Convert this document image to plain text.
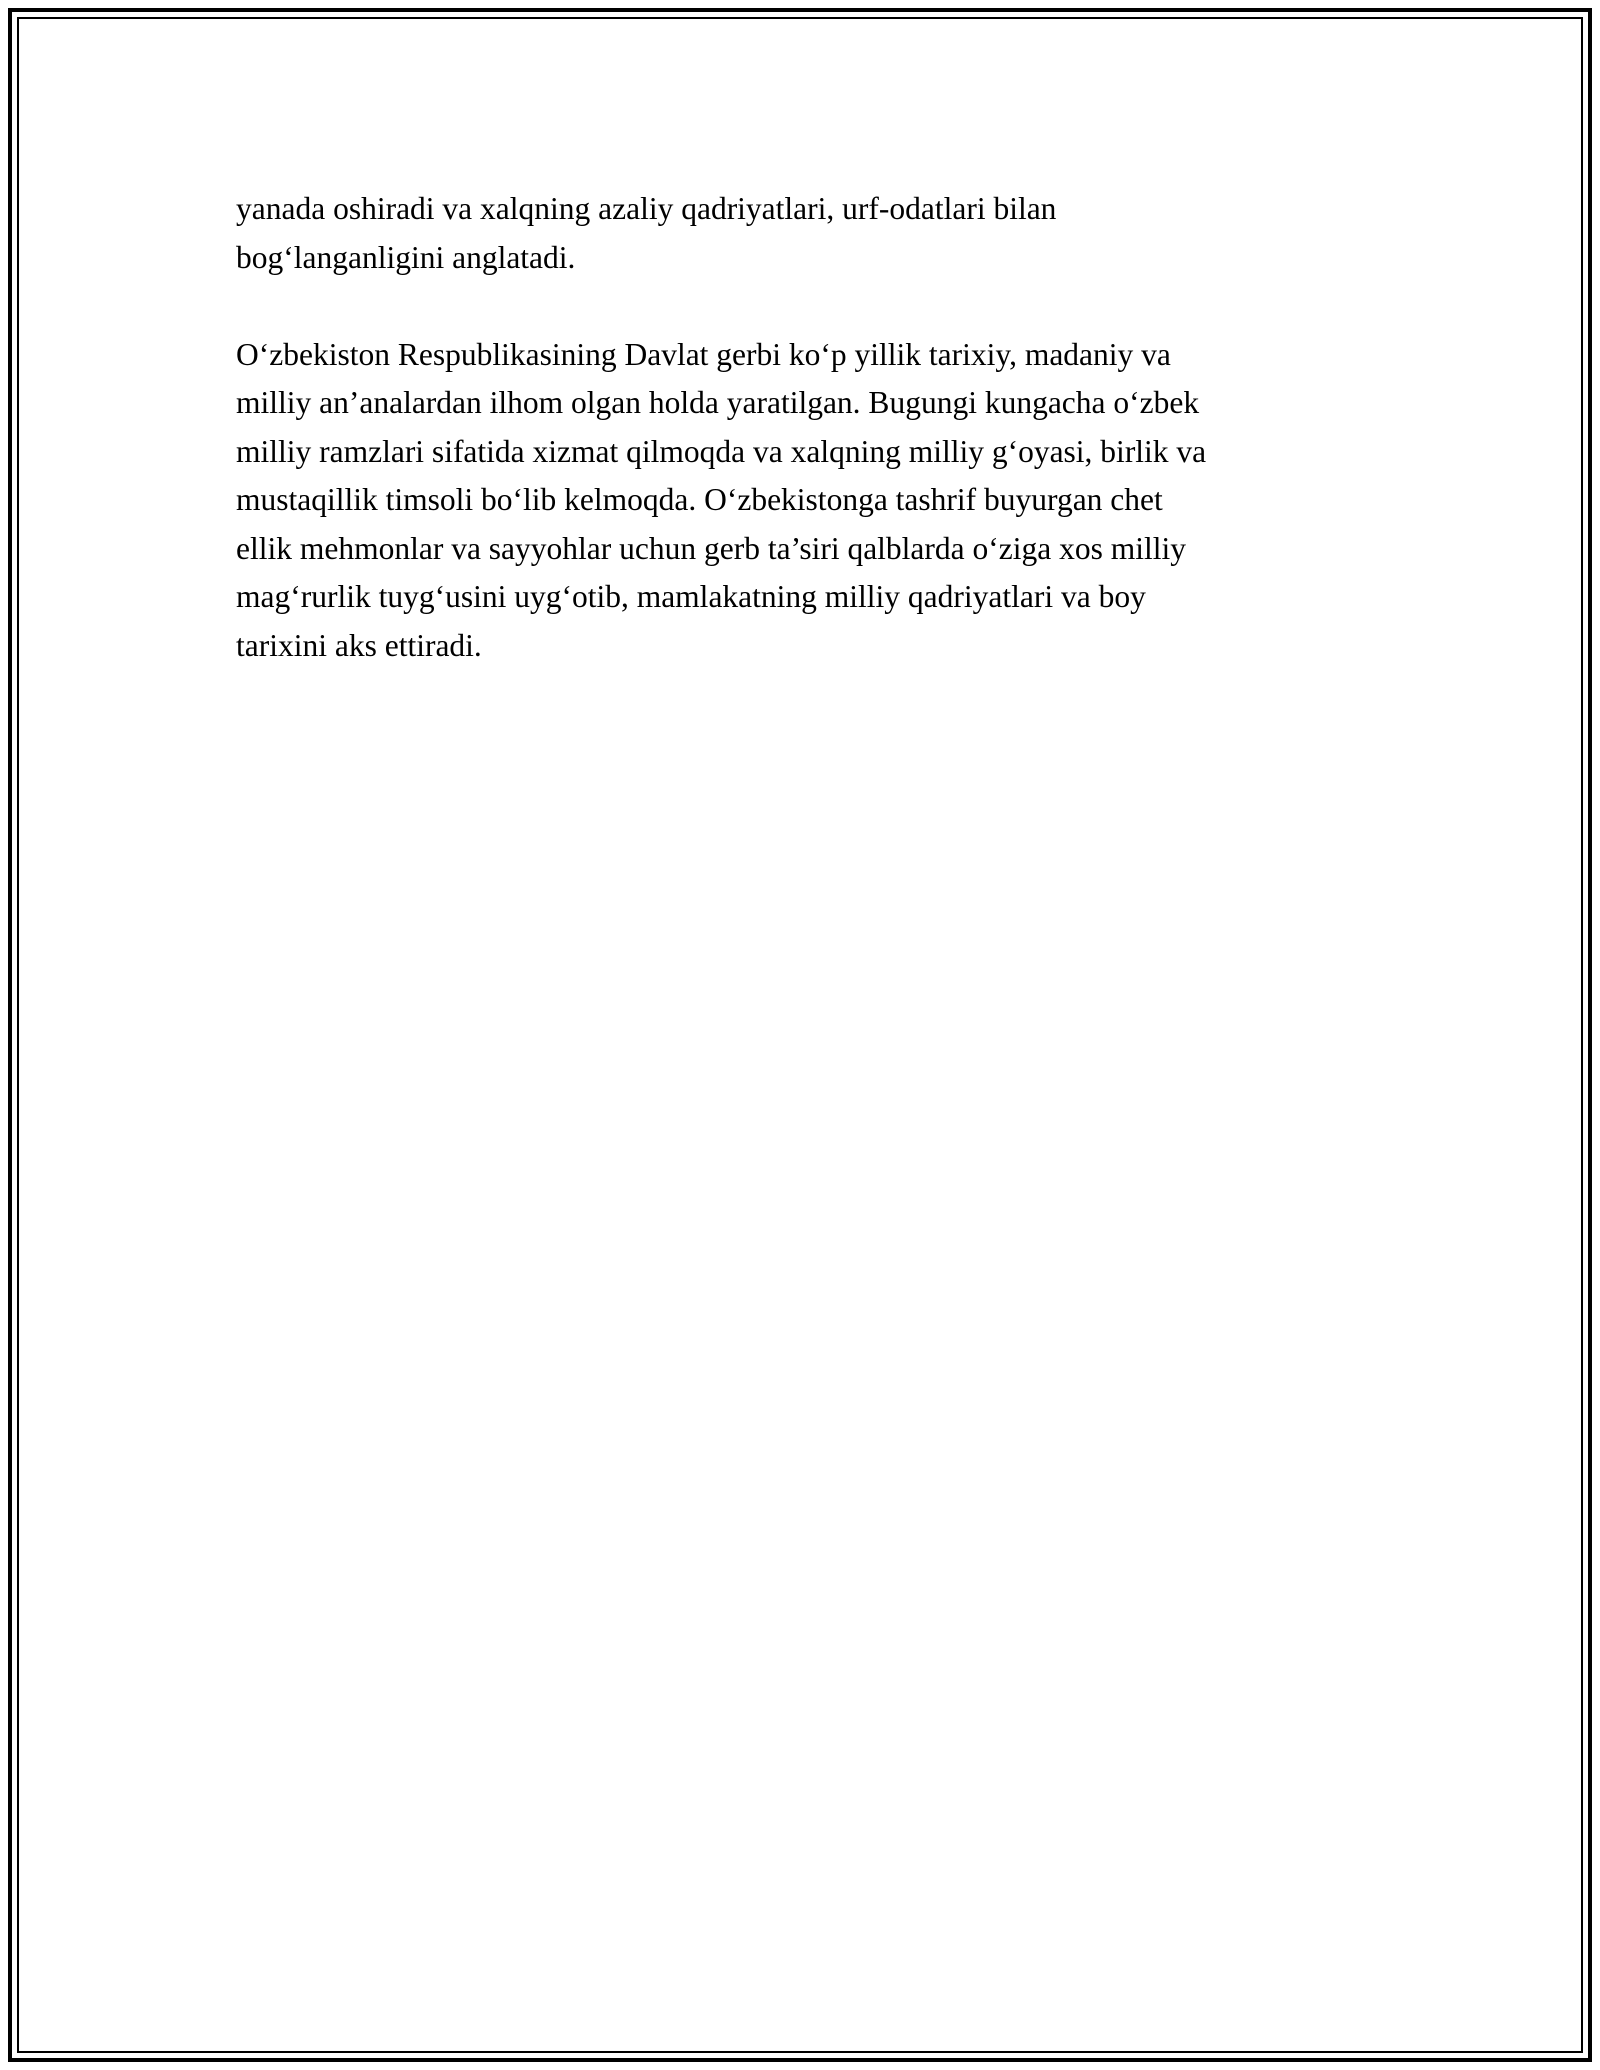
yanada oshiradi va xalqning azaliy qadriyatlari, urf-odatlari bilan
bog‘langanligini anglatadi.

O‘zbekiston Respublikasining Davlat gerbi ko‘p yillik tarixiy, madaniy va
milliy an’analardan ilhom olgan holda yaratilgan. Bugungi kungacha o‘zbek
milliy ramzlari sifatida xizmat qilmoqda va xalqning milliy g‘oyasi, birlik va
mustaqillik timsoli bo‘lib kelmoqda. O‘zbekistonga tashrif buyurgan chet
ellik mehmonlar va sayyohlar uchun gerb ta’siri qalblarda o‘ziga xos milliy
mag‘rurlik tuyg‘usini uyg‘otib, mamlakatning milliy qadriyatlari va boy
tarixini aks ettiradi.
